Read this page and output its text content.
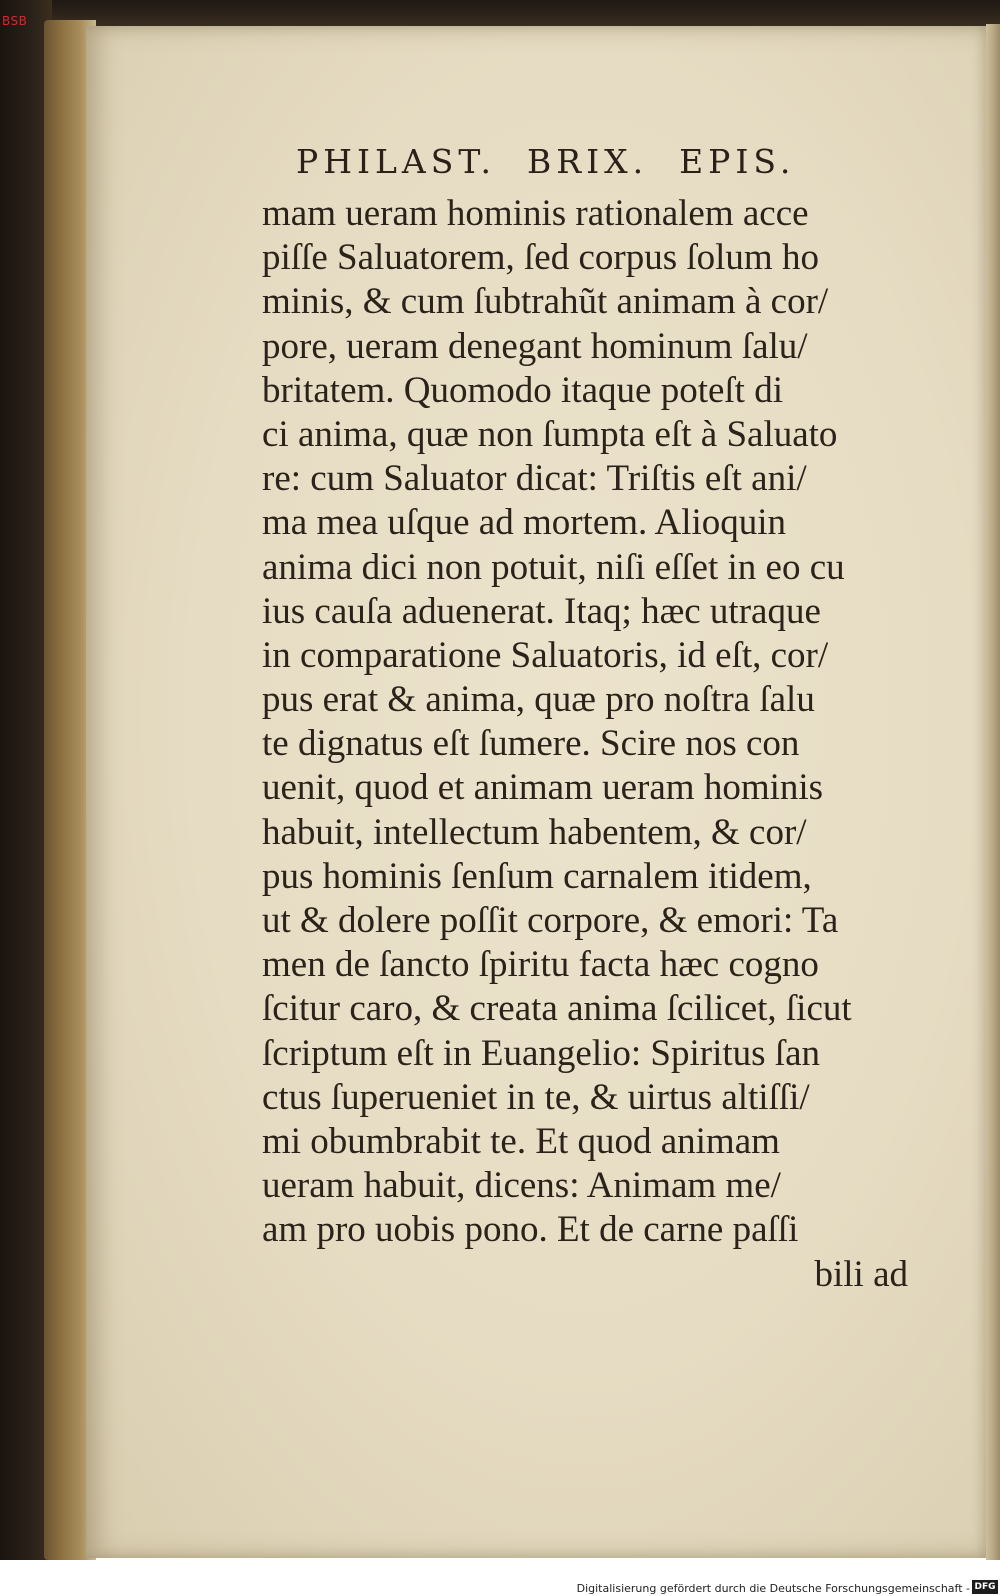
BSB
PHILAST.  BRIX.  EPIS.
mam ueram hominis rationalem acce
piſſe Saluatorem, ſed corpus ſolum ho
minis, & cum ſubtrahũt animam à cor/
pore, ueram denegant hominum ſalu/
britatem. Quomodo itaque poteſt di
ci anima, quæ non ſumpta eſt à Saluato
re: cum Saluator dicat: Triſtis eſt ani/
ma mea uſque ad mortem. Alioquin
anima dici non potuit, niſi eſſet in eo cu
ius cauſa aduenerat. Itaq; hæc utraque
in comparatione Saluatoris, id eſt, cor/
pus erat & anima, quæ pro noſtra ſalu
te dignatus eſt ſumere. Scire nos con
uenit, quod et animam ueram hominis
habuit, intellectum habentem, & cor/
pus hominis ſenſum carnalem itidem,
ut & dolere poſſit corpore, & emori: Ta
men de ſancto ſpiritu facta hæc cogno
ſcitur caro, & creata anima ſcilicet, ſicut
ſcriptum eſt in Euangelio: Spiritus ſan
ctus ſuperueniet in te, & uirtus altiſſi/
mi obumbrabit te. Et quod animam
ueram habuit, dicens: Animam me/
am pro uobis pono. Et de carne paſſi
bili ad
Digitalisierung gefördert durch die Deutsche Forschungsgemeinschaft - DFG
